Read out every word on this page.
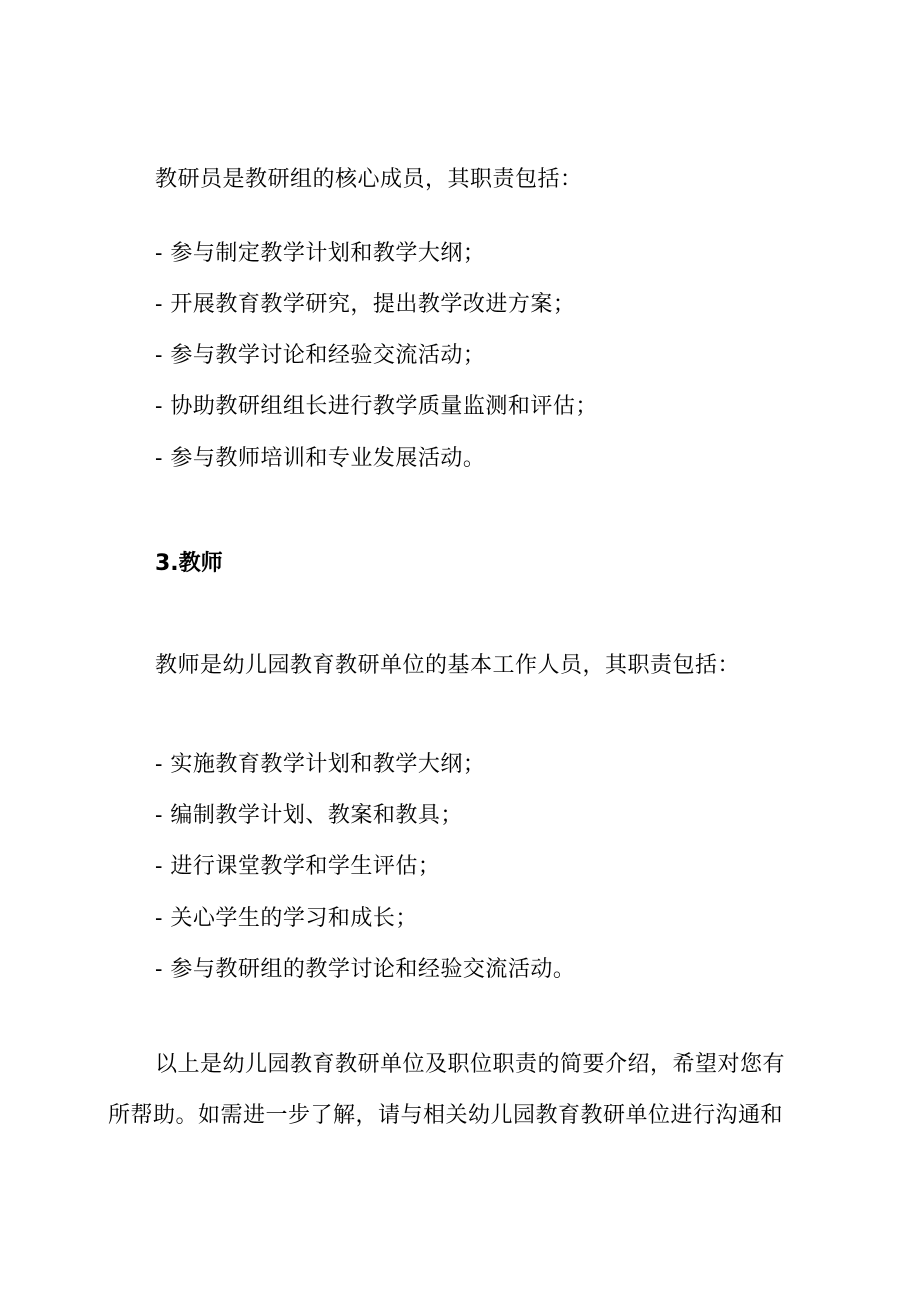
教研员是教研组的核心成员，其职责包括：
- 参与制定教学计划和教学大纲；
- 开展教育教学研究，提出教学改进方案；
- 参与教学讨论和经验交流活动；
- 协助教研组组长进行教学质量监测和评估；
- 参与教师培训和专业发展活动。
3.教师
教师是幼儿园教育教研单位的基本工作人员，其职责包括：
- 实施教育教学计划和教学大纲；
- 编制教学计划、教案和教具；
- 进行课堂教学和学生评估；
- 关心学生的学习和成长；
- 参与教研组的教学讨论和经验交流活动。
以上是幼儿园教育教研单位及职位职责的简要介绍，希望对您有
所帮助。如需进一步了解，请与相关幼儿园教育教研单位进行沟通和
